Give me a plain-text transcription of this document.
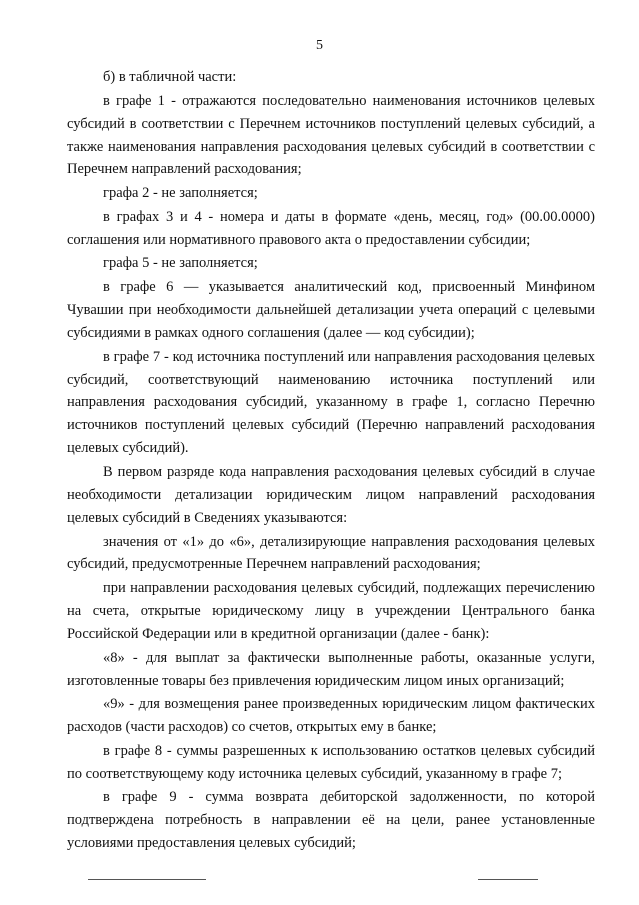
5

б) в табличной части:

в графе 1 - отражаются последовательно наименования источников целевых субсидий в соответствии с Перечнем источников поступлений целевых субсидий, а также наименования направления расходования целевых субсидий в соответствии с Перечнем направлений расходования;

графа 2 - не заполняется;

в графах 3 и 4 - номера и даты в формате «день, месяц, год» (00.00.0000) соглашения или нормативного правового акта о предоставлении субсидии;

графа 5 - не заполняется;

в графе 6 — указывается аналитический код, присвоенный Минфином Чувашии при необходимости дальнейшей детализации учета операций с целевыми субсидиями в рамках одного соглашения (далее — код субсидии);

в графе 7 - код источника поступлений или направления расходования целевых субсидий, соответствующий наименованию источника поступлений или направления расходования субсидий, указанному в графе 1, согласно Перечню источников поступлений целевых субсидий (Перечню направлений расходования целевых субсидий).

В первом разряде кода направления расходования целевых субсидий в случае необходимости детализации юридическим лицом направлений расходования целевых субсидий в Сведениях указываются:

значения от «1» до «6», детализирующие направления расходования целевых субсидий, предусмотренные Перечнем направлений расходования;

при направлении расходования целевых субсидий, подлежащих перечислению на счета, открытые юридическому лицу в учреждении Центрального банка Российской Федерации или в кредитной организации (далее - банк):

«8» - для выплат за фактически выполненные работы, оказанные услуги, изготовленные товары без привлечения юридическим лицом иных организаций;

«9» - для возмещения ранее произведенных юридическим лицом фактических расходов (части расходов) со счетов, открытых ему в банке;

в графе 8 - суммы разрешенных к использованию остатков целевых субсидий по соответствующему коду источника целевых субсидий, указанному в графе 7;

в графе 9 - сумма возврата дебиторской задолженности, по которой подтверждена потребность в направлении её на цели, ранее установленные условиями предоставления целевых субсидий;
